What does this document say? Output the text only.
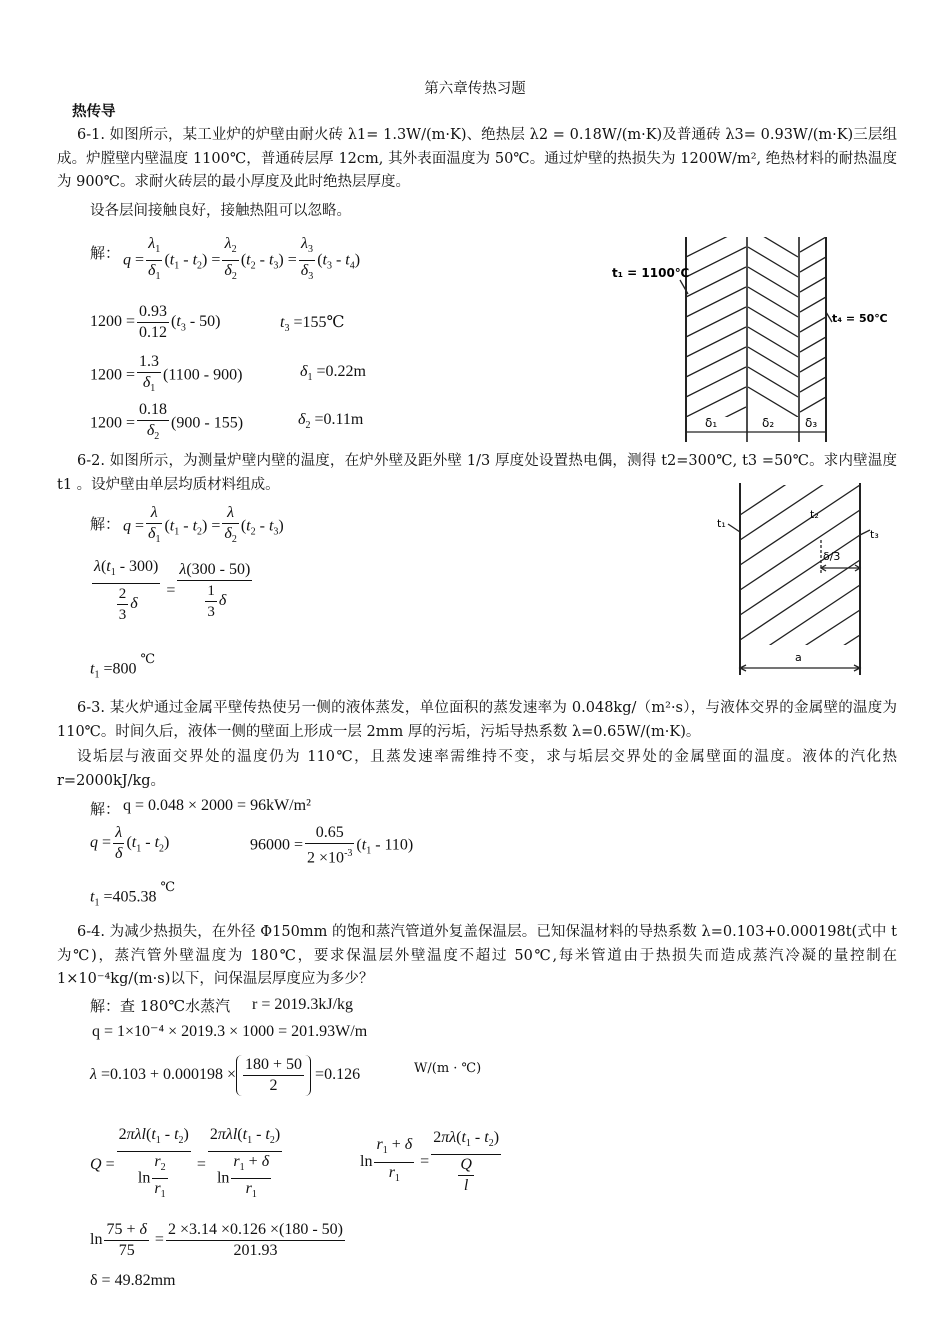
第六章传热习题
热传导
6-1. 如图所示，某工业炉的炉壁由耐火砖 λ1= 1.3W/(m·K)、绝热层 λ2 = 0.18W/(m·K)及普通砖 λ3= 0.93W/(m·K)三层组成。炉膛壁内壁温度 1100℃，普通砖层厚 12cm, 其外表面温度为 50℃。通过炉壁的热损失为 1200W/m², 绝热材料的耐热温度为 900℃。求耐火砖层的最小厚度及此时绝热层厚度。
设各层间接触良好，接触热阻可以忽略。
解： $q = \frac{\lambda_1}{\delta_1} (t_1 - t_2) = \frac{\lambda_2}{\delta_2} (t_2 - t_3) = \frac{\lambda_3}{\delta_3} (t_3 - t_4)$
$1200 = \frac{0.93}{0.12} (t_3 - 50)$	$t_3$ =155℃
$1200 = \frac{1.3}{\delta_1} (1100 - 900)$	$\delta_1 =0.22m$
$1200 = \frac{0.18}{\delta_2} (900 - 155)$	$\delta_2 =0.11m$
t₁ = 1100℃
t₄ = 50℃
δ₁	δ₂	δ₃
6-2. 如图所示，为测量炉壁内壁的温度，在炉外壁及距外壁 1/3 厚度处设置热电偶，测得 t2=300℃, t3 =50℃。求内壁温度 t1 。设炉壁由单层均质材料组成。
解： $q = \frac{\lambda}{\delta_1} (t_1 - t_2) = \frac{\lambda}{\delta_2} (t_2 - t_3)$
$\frac{\lambda(t_1 - 300)}{\frac{2}{3} \delta} = \frac{\lambda(300 - 50)}{\frac{1}{3} \delta}$
$t_1 =800$ ℃
t₁
t₂
t₃
δ/3
a
6-3. 某火炉通过金属平壁传热使另一侧的液体蒸发，单位面积的蒸发速率为 0.048kg/（m²·s），与液体交界的金属壁的温度为 110℃。时间久后，液体一侧的壁面上形成一层 2mm 厚的污垢，污垢导热系数 λ=0.65W/(m·K)。
设垢层与液面交界处的温度仍为 110℃，且蒸发速率需维持不变，求与垢层交界处的金属壁面的温度。液体的汽化热 r=2000kJ/kg。
解： q = 0.048 × 2000 = 96kW/m²
$q = \frac{\lambda}{\delta} (t_1 - t_2)$	$96000 = \frac{0.65}{2 \times 10^{-3}} (t_1 - 110)$
$t_1 =405.38$ ℃
6-4. 为减少热损失，在外径 Φ150mm 的饱和蒸汽管道外复盖保温层。已知保温材料的导热系数 λ=0.103+0.000198t(式中 t 为℃)，蒸汽管外壁温度为 180℃，要求保温层外壁温度不超过 50℃,每米管道由于热损失而造成蒸汽冷凝的量控制在 1×10⁻⁴kg/(m·s)以下，问保温层厚度应为多少？
解：查 180℃水蒸汽 r = 2019.3kJ/kg
q = 1×10⁻⁴ × 2019.3 × 1000 = 201.93W/m
$\lambda =0.103 + 0.000198 \times \frac{180 + 50}{2} =0.126$	W/(m · ℃)
$Q = \frac{2\pi\lambda l(t_1 - t_2)}{\ln \frac{r_2}{r_1}} = \frac{2\pi\lambda l(t_1 - t_2)}{\ln \frac{r_1 + \delta}{r_1}}$	$\ln \frac{r_1 + \delta}{r_1} = \frac{2\pi\lambda(t_1 - t_2)}{\frac{Q}{l}}$
$\ln \frac{75 + \delta}{75} = \frac{2 \times 3.14 \times 0.126 \times(180 - 50)}{201.93}$
δ = 49.82mm
